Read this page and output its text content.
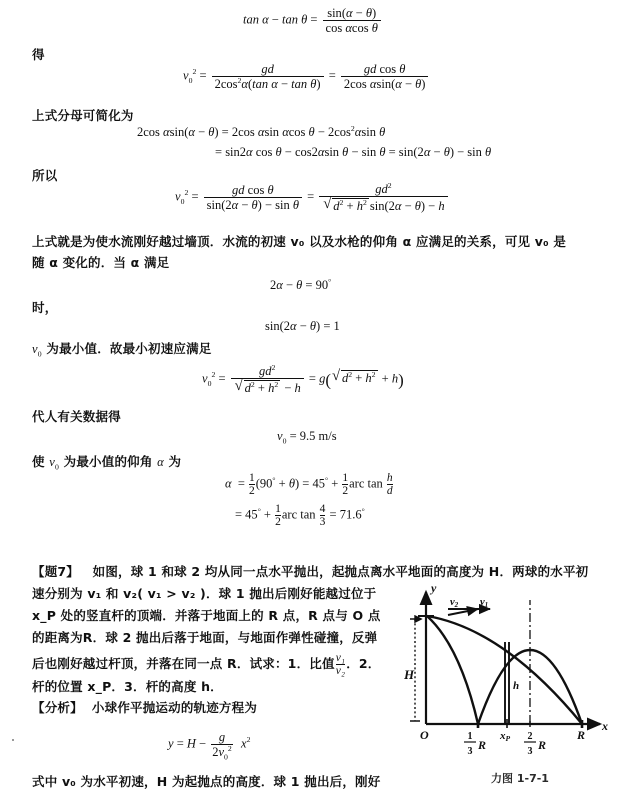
$\tan \alpha - \tan \theta = \frac{\sin(\alpha - \theta)}{\text{cos αcos θ}}$
得
$v_0^2 = \frac{gd}{2\cos^2\alpha(\tan \alpha - \tan \theta)} = \frac{\text{gd cos θ}}{\text{2cos αsin(α − θ)}}$
上式分母可简化为
2cos αsin(α − θ) = 2cos αsin αcos $\theta - 2\cos^2\alpha\sin$ θ
= sin2α cos θ − cos2αsin θ − sin θ = sin(2α − θ) − sin θ
所以
$v_0^2 = \frac{\text{gd cos θ}}{\text{sin(2α − θ) − sin θ}} = gd^2$
√ $d^2 + h^2$ sin(2α − θ) − h
上式就是为使水流刚好越过墙顶．水流的初速 v₀ 以及水枪的仰角 α 应满足的关系，可见 v₀ 是
随 α 变化的．当 α 满足
2α − θ = 90°
时，
sin(2α − θ) = 1
$v_0$ 为最小值．故最小初速应满足
$v_0^2 = gd^2$
√ $d^2 + h^2 - h = g$( √ $d^2 + h^2 + h$)
代人有关数据得
$v_0 = 9.5$ m/s
使 $v_0$ 为最小值的仰角 α 为
$\alpha = \frac{1}{2} (90^\circ + \theta) = 45^\circ + \frac{1}{2}$ arc $\tan \frac{h}{d}$
= $45^\circ + \frac{1}{2}$ arc $\tan \frac{4}{3} = 71.6^\circ$
【题7】 如图，球 1 和球 2 均从同一点水平抛出，起抛点离水平地面的高度为 H．两球的水平初
速分别为 v₁ 和 v₂( v₁ > v₂ )．球 1 抛出后刚好能越过位于
x_P 处的竖直杆的顶端．并落于地面上的 R 点，R 点与 O 点
的距离为R．球 2 抛出后落于地面，与地面作弹性碰撞，反弹
后也刚好越过杆顶，并落在同一点 R．试求：1．比值 $\frac{\text{v₁}}{\text{v₂}}$ ．2．
杆的位置 x_P．3．杆的高度 h．
【分析】 小球作平抛运动的轨迹方程为
$y = H - \frac{g}{2v_0^2} x^2$
式中 v₀ 为水平初速，H 为起抛点的高度．球 1 抛出后，刚好
y
x
O
H
h
v2 v1
1
3 R
xP 2
3 R
R
力图 1-7-1
